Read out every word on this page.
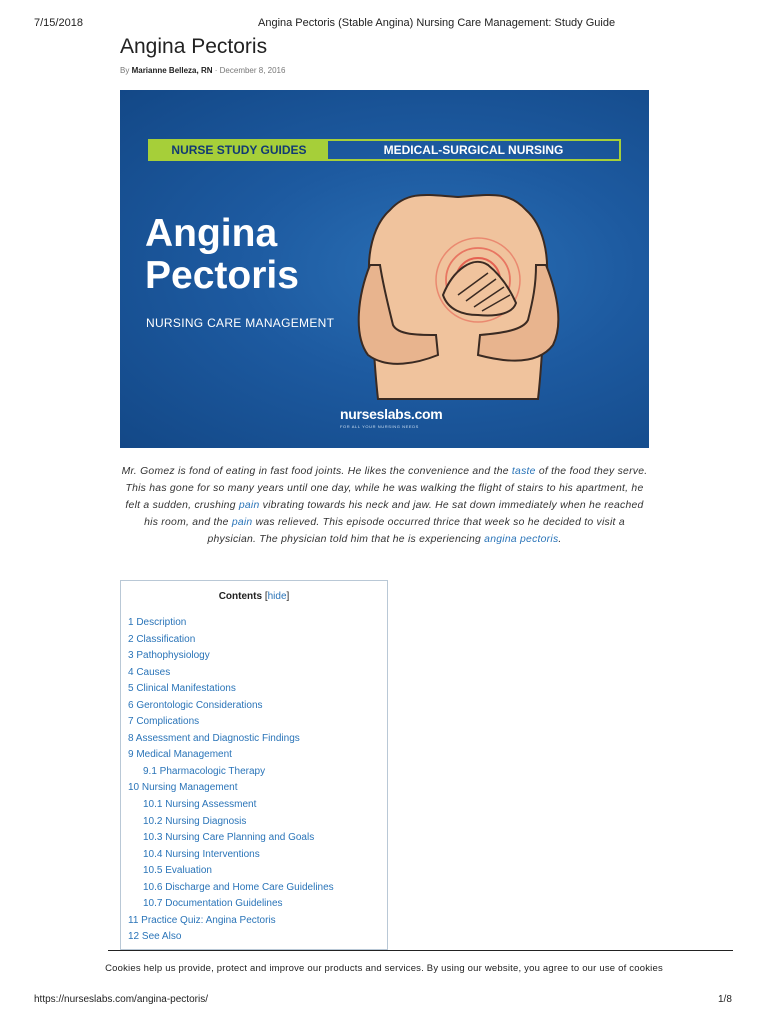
7/15/2018	Angina Pectoris (Stable Angina) Nursing Care Management: Study Guide
Angina Pectoris
By Marianne Belleza, RN · December 8, 2016
NURSE STUDY GUIDES	MEDICAL-SURGICAL NURSING
Angina
Pectoris
NURSING CARE MANAGEMENT
nurseslabs.com
FOR ALL YOUR NURSING NEEDS

Mr. Gomez is fond of eating in fast food joints. He likes the convenience and the taste of the food they serve. This has gone for so many years until one day, while he was walking the flight of stairs to his apartment, he felt a sudden, crushing pain vibrating towards his neck and jaw. He sat down immediately when he reached his room, and the pain was relieved. This episode occurred thrice that week so he decided to visit a physician. The physician told him that he is experiencing angina pectoris.

Contents [hide]
1 Description
2 Classification
3 Pathophysiology
4 Causes
5 Clinical Manifestations
6 Gerontologic Considerations
7 Complications
8 Assessment and Diagnostic Findings
9 Medical Management
9.1 Pharmacologic Therapy
10 Nursing Management
10.1 Nursing Assessment
10.2 Nursing Diagnosis
10.3 Nursing Care Planning and Goals
10.4 Nursing Interventions
10.5 Evaluation
10.6 Discharge and Home Care Guidelines
10.7 Documentation Guidelines
11 Practice Quiz: Angina Pectoris
12 See Also
Cookies help us provide, protect and improve our products and services. By using our website, you agree to our use of cookies
https://nurseslabs.com/angina-pectoris/	1/8
